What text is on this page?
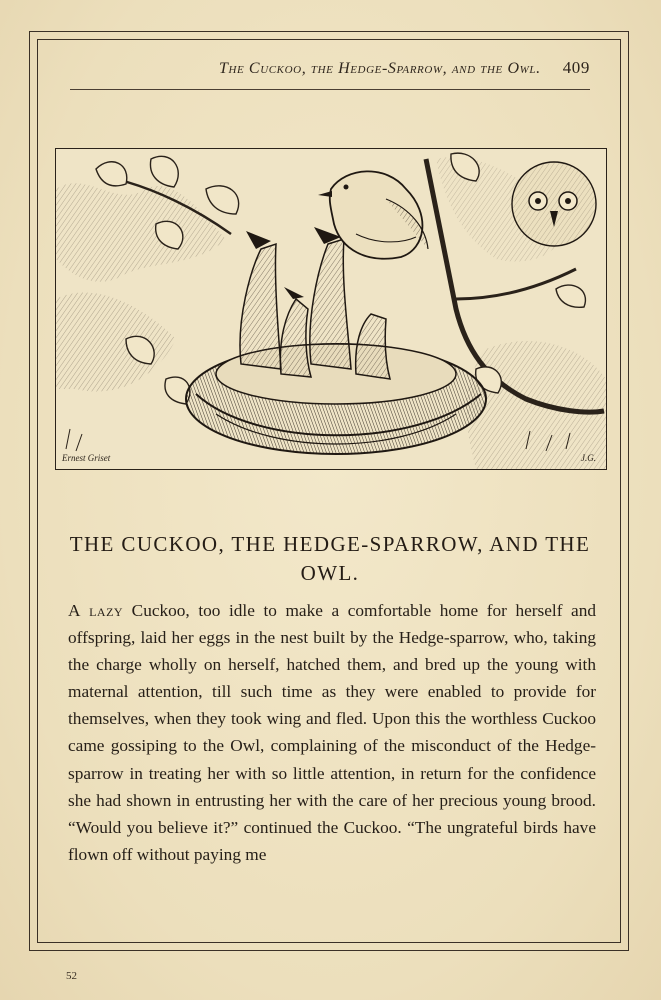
The Cuckoo, the Hedge-Sparrow, and the Owl. 409
Ernest Griset	J.G.
THE CUCKOO, THE HEDGE-SPARROW, AND THE OWL.
A lazy Cuckoo, too idle to make a comfortable home for herself and offspring, laid her eggs in the nest built by the Hedge-sparrow, who, taking the charge wholly on herself, hatched them, and bred up the young with maternal attention, till such time as they were enabled to provide for themselves, when they took wing and fled. Upon this the worthless Cuckoo came gossiping to the Owl, complaining of the misconduct of the Hedge-sparrow in treating her with so little attention, in return for the confidence she had shown in entrusting her with the care of her precious young brood. “Would you believe it?” continued the Cuckoo. “The ungrateful birds have flown off without paying me
52
